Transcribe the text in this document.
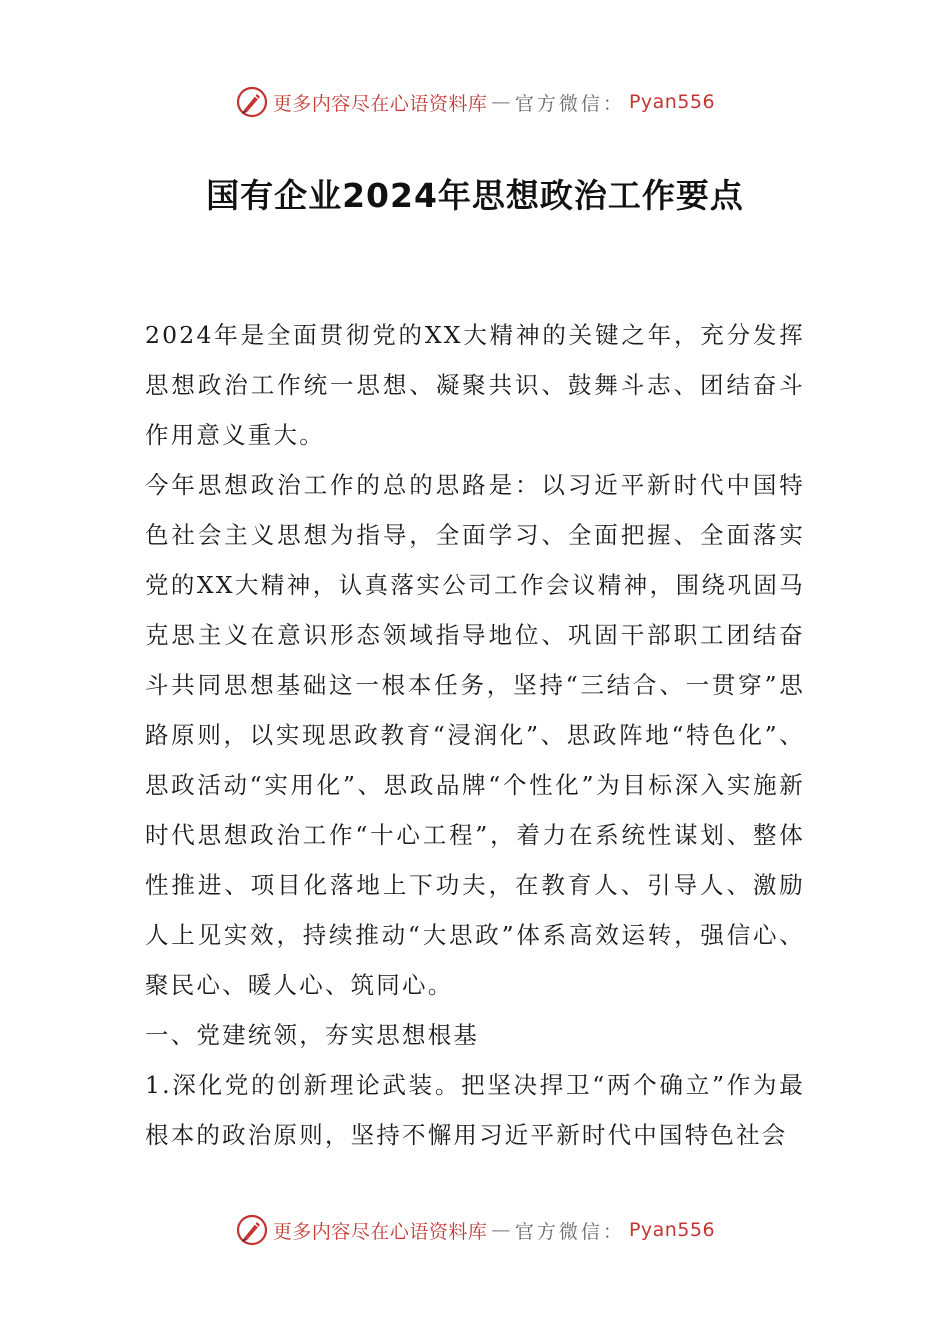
更多内容尽在心语资料库 — 官方微信： Pyan556
国有企业2024年思想政治工作要点

2024年是全面贯彻党的XX大精神的关键之年，充分发挥思想政治工作统一思想、凝聚共识、鼓舞斗志、团结奋斗作用意义重大。

今年思想政治工作的总的思路是：以习近平新时代中国特色社会主义思想为指导，全面学习、全面把握、全面落实党的XX大精神，认真落实公司工作会议精神，围绕巩固马克思主义在意识形态领域指导地位、巩固干部职工团结奋斗共同思想基础这一根本任务，坚持“三结合、一贯穿”思路原则，以实现思政教育“浸润化”、思政阵地“特色化”、思政活动“实用化”、思政品牌“个性化”为目标深入实施新时代思想政治工作“十心工程”，着力在系统性谋划、整体性推进、项目化落地上下功夫，在教育人、引导人、激励人上见实效，持续推动“大思政”体系高效运转，强信心、聚民心、暖人心、筑同心。

一、党建统领，夯实思想根基

1.深化党的创新理论武装。把坚决捍卫“两个确立”作为最根本的政治原则，坚持不懈用习近平新时代中国特色社会

更多内容尽在心语资料库 — 官方微信： Pyan556
